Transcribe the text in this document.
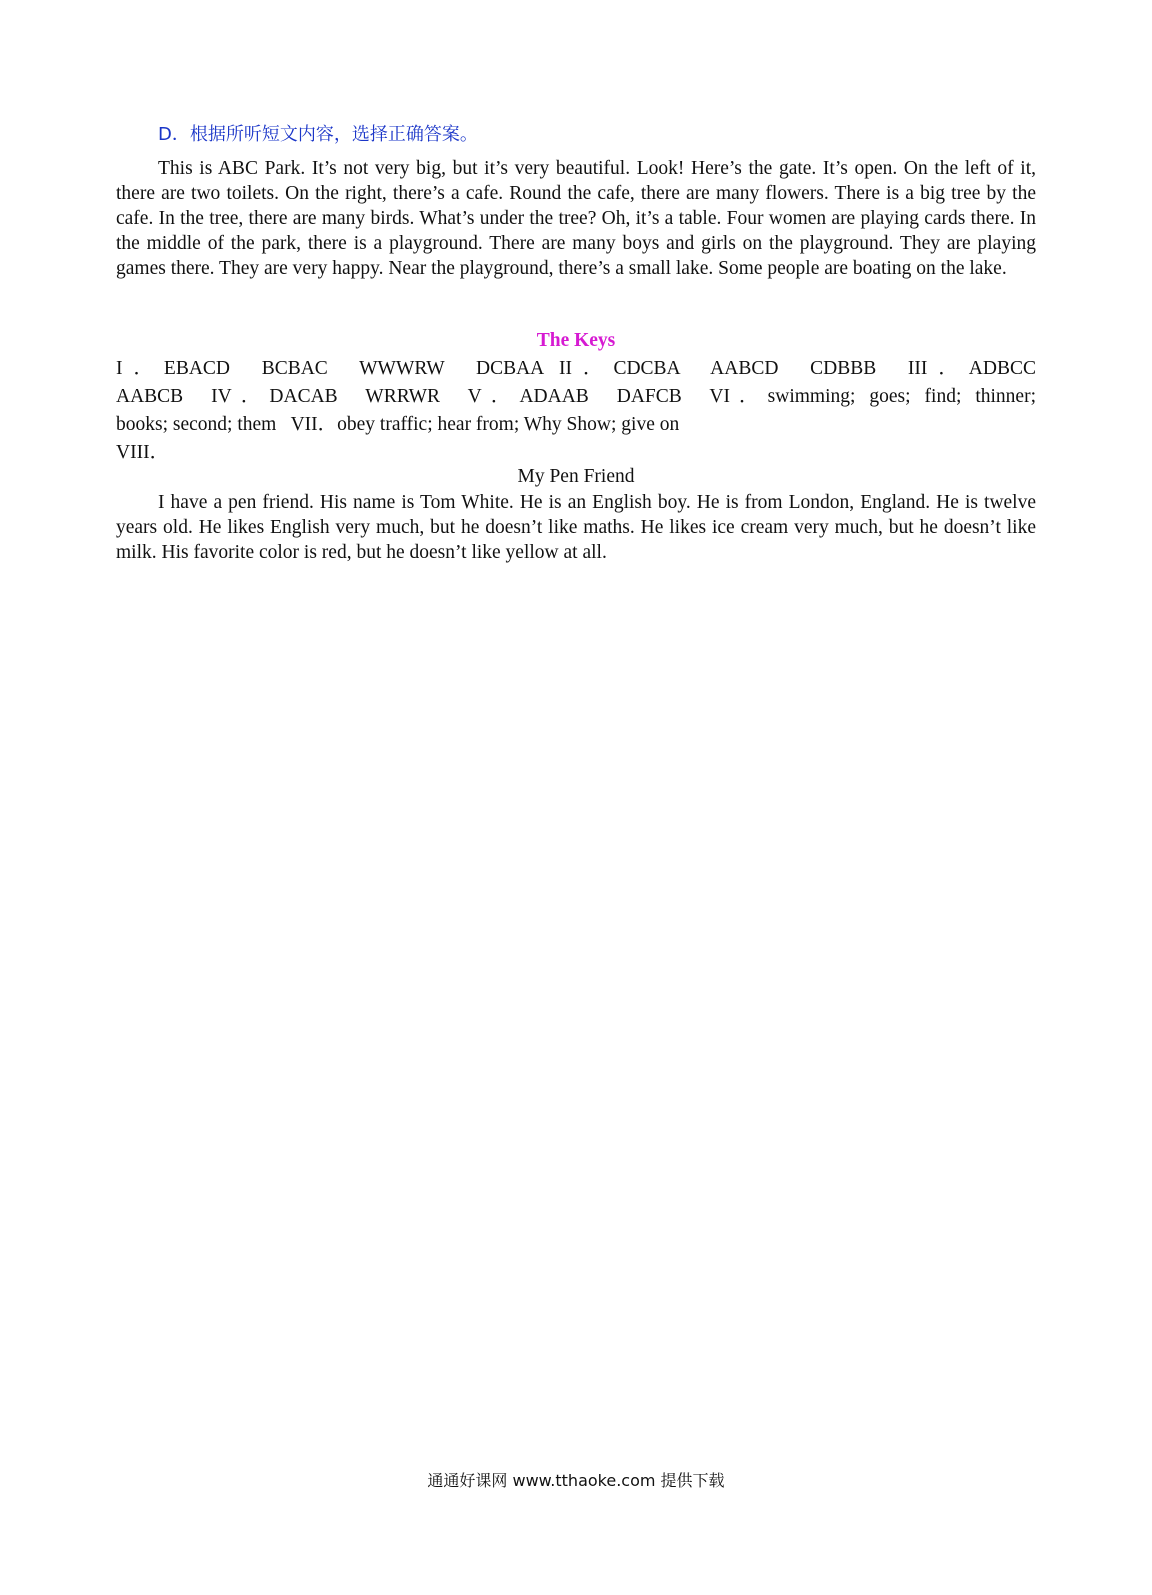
D．根据所听短文内容，选择正确答案。

This is ABC Park. It’s not very big, but it’s very beautiful. Look! Here’s the gate. It’s open. On the left of it, there are two toilets. On the right, there’s a cafe. Round the cafe, there are many flowers. There is a big tree by the cafe. In the tree, there are many birds. What’s under the tree? Oh, it’s a table. Four women are playing cards there. In the middle of the park, there is a playground. There are many boys and girls on the playground. They are playing games there. They are very happy. Near the playground, there’s a small lake. Some people are boating on the lake.

The Keys

I．EBACD  BCBAC  WWWRW  DCBAA II．CDCBA  AABCD  CDBBB  III．ADBCC

AABCB  IV．DACAB  WRRWR  V．ADAAB  DAFCB  VI．swimming; goes; find; thinner;

books; second; them   VII．obey traffic; hear from; Why Show; give on

VIII．

My Pen Friend

I have a pen friend. His name is Tom White. He is an English boy. He is from London, England. He is twelve years old. He likes English very much, but he doesn’t like maths. He likes ice cream very much, but he doesn’t like milk. His favorite color is red, but he doesn’t like yellow at all.

通通好课网 www.tthaoke.com 提供下载
